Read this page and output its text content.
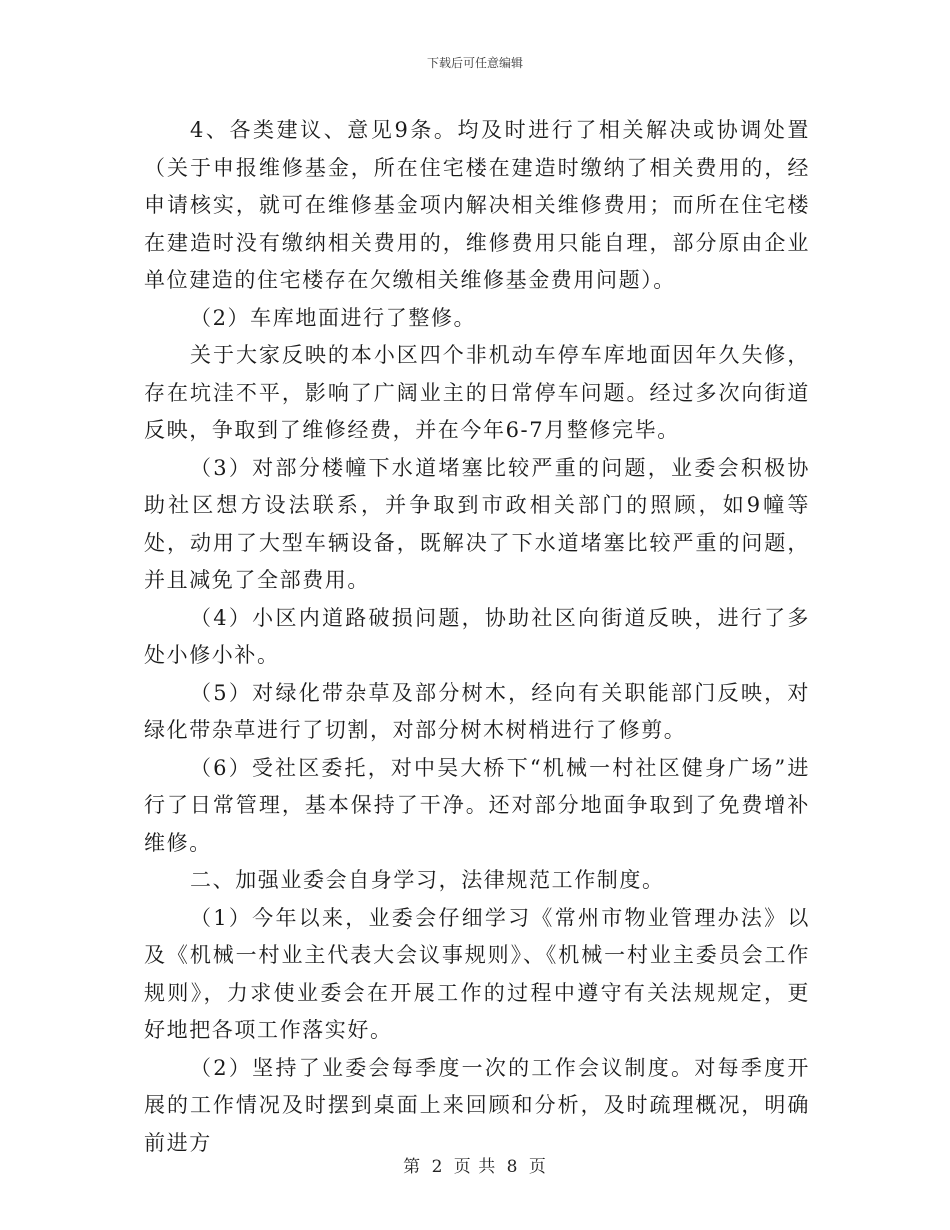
下载后可任意编辑

4、各类建议、意见9条。均及时进行了相关解决或协调处置（关于申报维修基金，所在住宅楼在建造时缴纳了相关费用的，经申请核实，就可在维修基金项内解决相关维修费用；而所在住宅楼在建造时没有缴纳相关费用的，维修费用只能自理，部分原由企业单位建造的住宅楼存在欠缴相关维修基金费用问题）。

（2）车库地面进行了整修。

关于大家反映的本小区四个非机动车停车库地面因年久失修，存在坑洼不平，影响了广阔业主的日常停车问题。经过多次向街道反映，争取到了维修经费，并在今年6-7月整修完毕。

（3）对部分楼幢下水道堵塞比较严重的问题，业委会积极协助社区想方设法联系，并争取到市政相关部门的照顾，如9幢等处，动用了大型车辆设备，既解决了下水道堵塞比较严重的问题，并且减免了全部费用。

（4）小区内道路破损问题，协助社区向街道反映，进行了多处小修小补。

（5）对绿化带杂草及部分树木，经向有关职能部门反映，对绿化带杂草进行了切割，对部分树木树梢进行了修剪。

（6）受社区委托，对中吴大桥下“机械一村社区健身广场”进行了日常管理，基本保持了干净。还对部分地面争取到了免费增补维修。

二、加强业委会自身学习，法律规范工作制度。

（1）今年以来，业委会仔细学习《常州市物业管理办法》以及《机械一村业主代表大会议事规则》、《机械一村业主委员会工作规则》，力求使业委会在开展工作的过程中遵守有关法规规定，更好地把各项工作落实好。

（2）坚持了业委会每季度一次的工作会议制度。对每季度开展的工作情况及时摆到桌面上来回顾和分析，及时疏理概况，明确前进方

第 2 页 共 8 页
